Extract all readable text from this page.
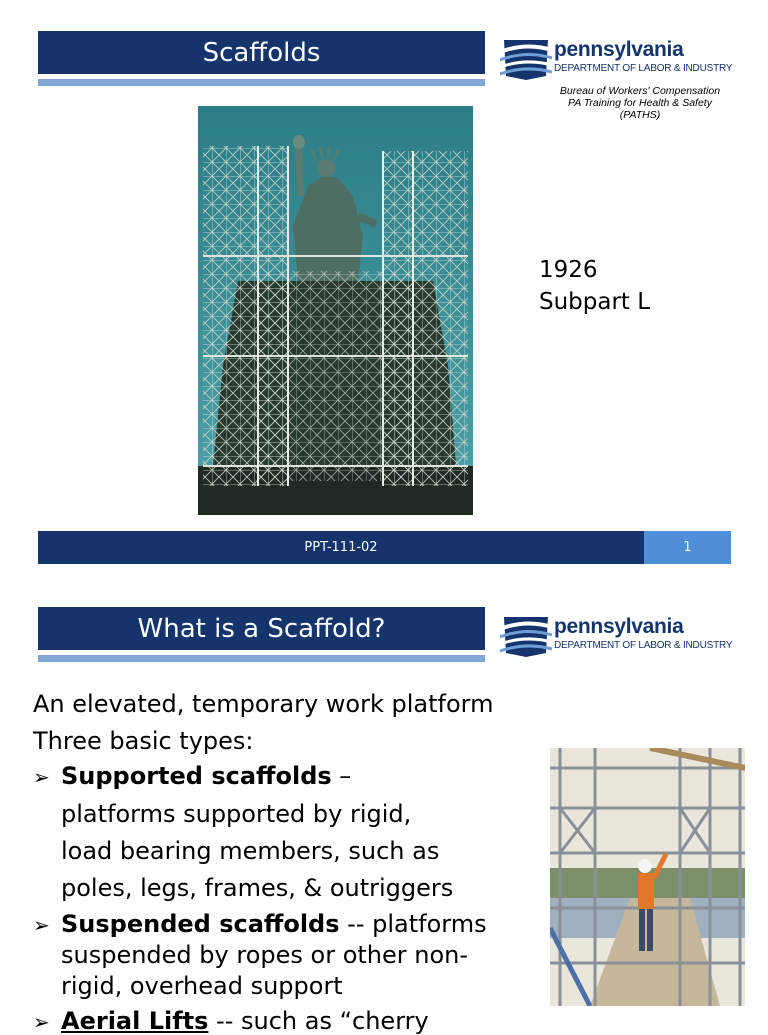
Scaffolds	pennsylvania
DEPARTMENT OF LABOR & INDUSTRY
Bureau of Workers' Compensation
PA Training for Health & Safety
(PATHS)
1926
Subpart L
PPT-111-02	1
What is a Scaffold?	pennsylvania
DEPARTMENT OF LABOR & INDUSTRY
An elevated, temporary work platform
Three basic types:
➢ Supported scaffolds –
platforms supported by rigid,
load bearing members, such as
poles, legs, frames, & outriggers
➢ Suspended scaffolds -- platforms
suspended by ropes or other non-
rigid, overhead support
➢ Aerial Lifts -- such as “cherry
